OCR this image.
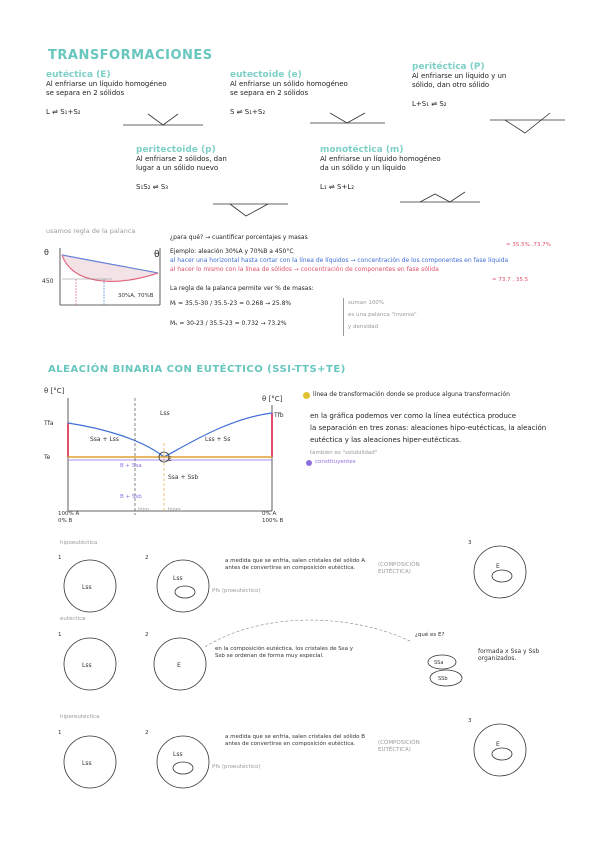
TRANSFORMACIONES
eutéctica (E)
Al enfriarse un líquido homogéneo
se separa en 2 sólidos
L ⇌ S₁+S₂
eutectoide (e)
Al enfriarse un sólido homogéneo
se separa en 2 sólidos
S ⇌ S₁+S₂
peritéctica (P)
Al enfriarse un líquido y un
sólido, dan otro sólido
L+S₁ ⇌ S₂
peritectoide (p)
Al enfriarse 2 sólidos, dan
lugar a un sólido nuevo
S₁S₂ ⇌ S₃
monotéctica (m)
Al enfriarse un líquido homogéneo
da un sólido y un líquido
L₁ ⇌ S+L₂
usamos regla de la palanca
θ
450
30%A, 70%B
θ
¿para qué? → cuantificar porcentajes y masas
Ejemplo: aleación 30%A y 70%B a 450°C
al hacer una horizontal hasta cortar con la línea de líquidos → concentración de los componentes en fase líquida
al hacer lo mismo con la línea de sólidos → concentración de componentes en fase sólida
≈ 35.5% ,73.7%
≈ 73.7 , 35.5
La regla de la palanca permite ver % de masas:
Mₗ = 35.5-30 / 35.5-23 = 0.268 → 25.8%
Mₛ = 30-23 / 35.5-23 = 0.732 → 73.2%
suman 100%
es una palanca "inversa"
y densidad
ALEACIÓN BINARIA CON EUTÉCTICO (SSI-TTS+TE)
θ [°C]
θ [°C]
Tfa
Te
Tfb
Lss
Ssa + Lss	Lss + Ss
Ssa + Ssb
B + Ssa
B + Ssb
E
hipo	hiper
100% A
0% B
0% A
100% B
línea de transformación donde se produce alguna transformación
en la gráfica podemos ver como la línea eutéctica produce
la separación en tres zonas: aleaciones hipo-eutécticas, la aleación
eutéctica y las aleaciones hiper-eutécticas.
también es "solubilidad"
constituyentes
hipoeutéctica
eutéctica
hipereutéctica
1
Lss
2
Lss
Pfs (proeutéctico)
a medida que se enfría, salen cristales del sólido A antes de convertirse en composición eutéctica.	(COMPOSICIÓN EUTÉCTICA)
3
E
1
Lss
2
E
en la composición eutéctica, los cristales de Ssa y Ssb se ordenan de forma muy especial.
¿qué es E?
SSa
SSb
formada x Ssa y Ssb organizados.
1
Lss
2
Lss
Pfs (proeutéctico)
a medida que se enfría, salen cristales del sólido B antes de convertirse en composición eutéctica.	(COMPOSICIÓN EUTÉCTICA)
3
E
